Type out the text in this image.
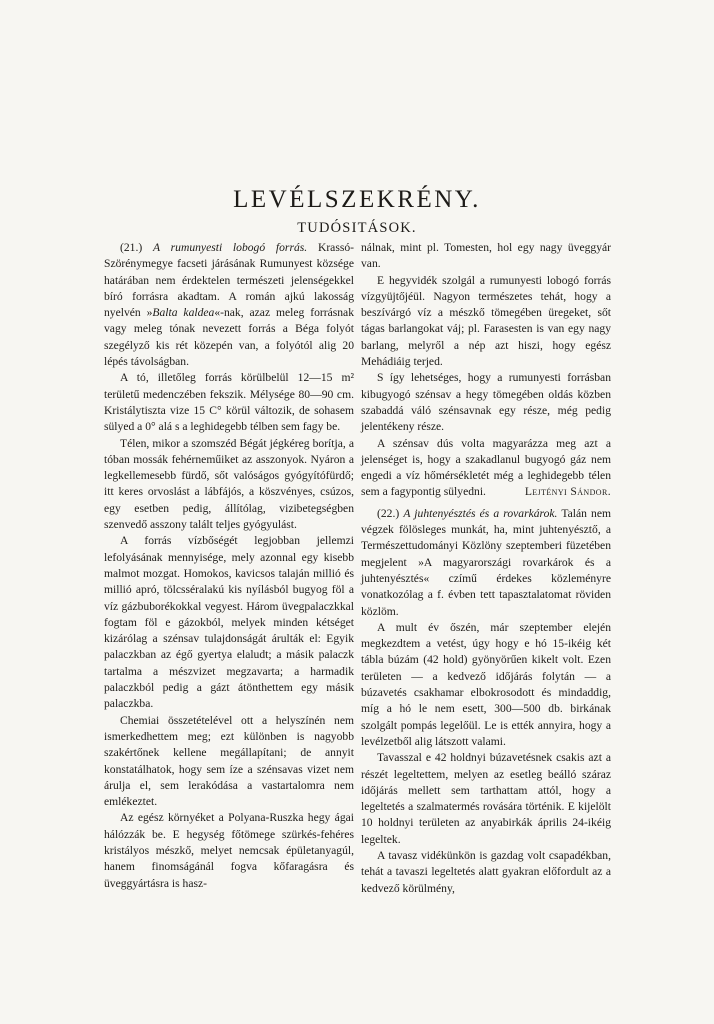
LEVÉLSZEKRÉNY.
TUDÓSITÁSOK.

(21.) A rumunyesti lobogó forrás. Krassó-Szörénymegye facseti járásának Rumunyest községe határában nem érdektelen természeti jelenségekkel bíró forrásra akadtam. A román ajkú lakosság nyelvén »Balta kaldea«-nak, azaz meleg forrásnak vagy meleg tónak nevezett forrás a Béga folyót szegélyző kis rét közepén van, a folyótól alig 20 lépés távolságban.

A tó, illetőleg forrás körülbelül 12—15 m² területű medenczében fekszik. Mélysége 80—90 cm. Kristálytiszta vize 15 C° körül változik, de sohasem sülyed a 0° alá s a leghidegebb télben sem fagy be.

Télen, mikor a szomszéd Bégát jégkéreg borítja, a tóban mossák fehérneműiket az asszonyok. Nyáron a legkellemesebb fürdő, sőt valóságos gyógyítófürdő; itt keres orvoslást a lábfájós, a köszvényes, csúzos, egy esetben pedig, állítólag, vizibetegségben szenvedő asszony talált teljes gyógyulást.

A forrás vízbőségét legjobban jellemzi lefolyásának mennyisége, mely azonnal egy kisebb malmot mozgat. Homokos, kavicsos talaján millió és millió apró, tölcsséralakú kis nyílásból bugyog föl a víz gázbuborékokkal vegyest. Három üvegpalaczkkal fogtam föl e gázokból, melyek minden kétséget kizárólag a szénsav tulajdonságát árulták el: Egyik palaczkban az égő gyertya elaludt; a másik palaczk tartalma a mészvizet megzavarta; a harmadik palaczkból pedig a gázt átönthettem egy másik palaczkba.

Chemiai összetételével ott a helyszínén nem ismerkedhettem meg; ezt különben is nagyobb szakértőnek kellene megállapítani; de annyit konstatálhatok, hogy sem íze a szénsavas vizet nem árulja el, sem lerakódása a vastartalomra nem emlékeztet.

Az egész környéket a Polyana-Ruszka hegy ágai hálózzák be. E hegység főtömege szürkés-fehéres kristályos mészkő, melyet nemcsak épületanyagúl, hanem finomságánál fogva kőfaragásra és üveggyártásra is hasz-

nálnak, mint pl. Tomesten, hol egy nagy üveggyár van.

E hegyvidék szolgál a rumunyesti lobogó forrás vízgyüjtőjéül. Nagyon természetes tehát, hogy a beszívárgó víz a mészkő tömegében üregeket, sőt tágas barlangokat váj; pl. Farasesten is van egy nagy barlang, melyről a nép azt hiszi, hogy egész Mehádiáig terjed.

S így lehetséges, hogy a rumunyesti forrásban kibugyogó szénsav a hegy tömegében oldás közben szabaddá váló szénsavnak egy része, még pedig jelentékeny része.

A szénsav dús volta magyarázza meg azt a jelenséget is, hogy a szakadlanul bugyogó gáz nem engedi a víz hőmérsékletét még a leghidegebb télen sem a fagypontig sülyedni.	Lejtényi Sándor.

(22.) A juhtenyésztés és a rovarkárok. Talán nem végzek fölösleges munkát, ha, mint juhtenyésztő, a Természettudományi Közlöny szeptemberi füzetében megjelent »A magyarországi rovarkárok és a juhtenyésztés« czímű érdekes közleményre vonatkozólag a f. évben tett tapasztalatomat röviden közlöm.

A mult év őszén, már szeptember elején megkezdtem a vetést, úgy hogy e hó 15-ikéig két tábla búzám (42 hold) gyönyörűen kikelt volt. Ezen területen — a kedvező időjárás folytán — a búzavetés csakhamar elbokrosodott és mindaddig, míg a hó le nem esett, 300—500 db. birkának szolgált pompás legelőül. Le is ették annyira, hogy a levélzetből alig látszott valami.

Tavasszal e 42 holdnyi búzavetésnek csakis azt a részét legeltettem, melyen az esetleg beálló száraz időjárás mellett sem tarthattam attól, hogy a legeltetés a szalmatermés rovására történik. E kijelölt 10 holdnyi területen az anyabirkák április 24-ikéig legeltek.

A tavasz vidékünkön is gazdag volt csapadékban, tehát a tavaszi legeltetés alatt gyakran előfordult az a kedvező körülmény,
